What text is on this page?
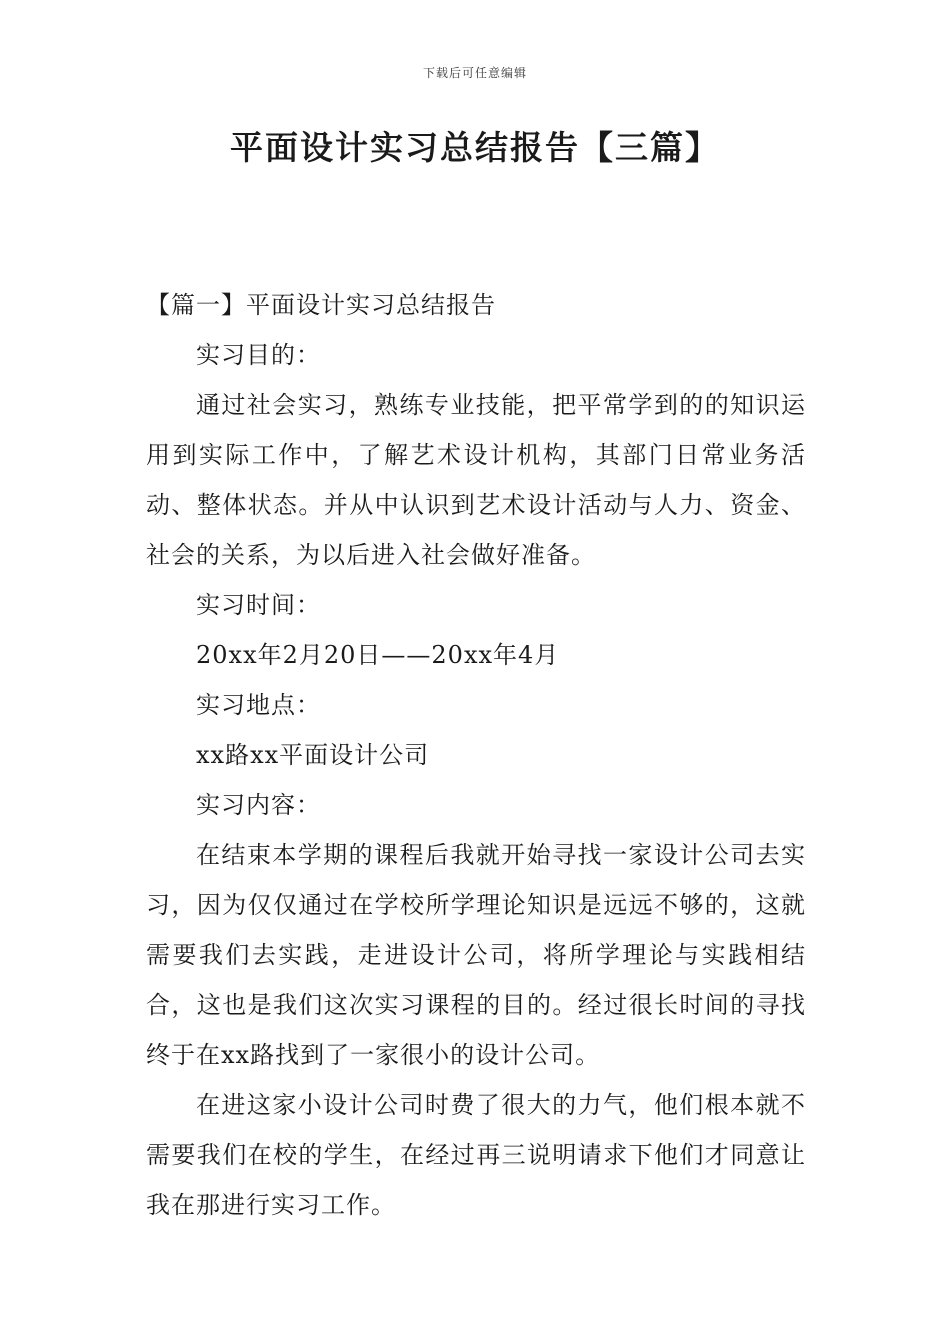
下载后可任意编辑
平面设计实习总结报告【三篇】

【篇一】平面设计实习总结报告

实习目的：

通过社会实习，熟练专业技能，把平常学到的的知识运用到实际工作中，了解艺术设计机构，其部门日常业务活动、整体状态。并从中认识到艺术设计活动与人力、资金、社会的关系，为以后进入社会做好准备。

实习时间：

20xx年2月20日——20xx年4月

实习地点：

xx路xx平面设计公司

实习内容：

在结束本学期的课程后我就开始寻找一家设计公司去实习，因为仅仅通过在学校所学理论知识是远远不够的，这就需要我们去实践，走进设计公司，将所学理论与实践相结合，这也是我们这次实习课程的目的。经过很长时间的寻找终于在xx路找到了一家很小的设计公司。

在进这家小设计公司时费了很大的力气，他们根本就不需要我们在校的学生，在经过再三说明请求下他们才同意让我在那进行实习工作。
